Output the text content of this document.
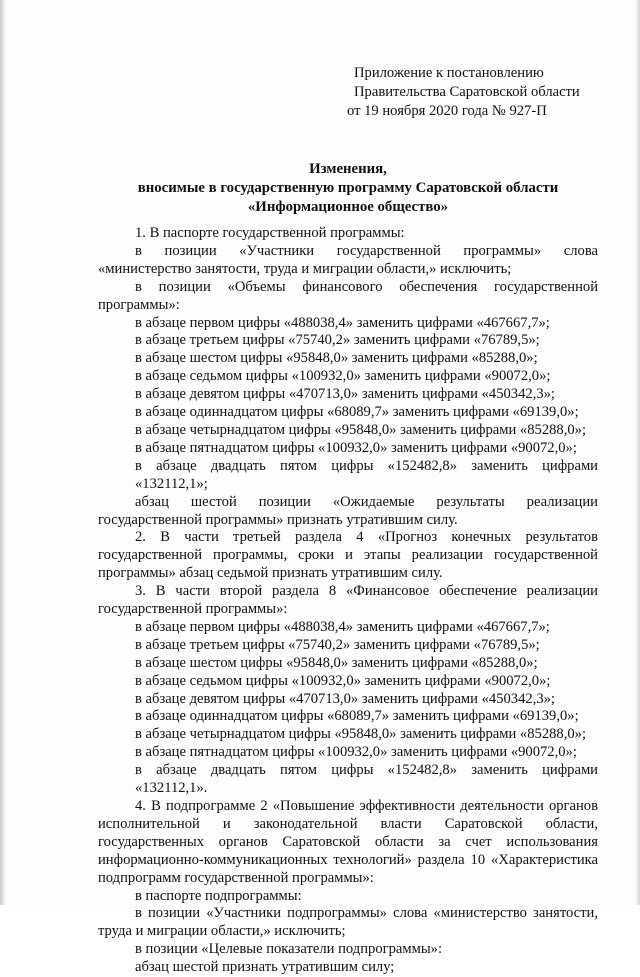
Приложение к постановлению
Правительства Саратовской области
от 19 ноября 2020 года № 927-П
Изменения,
вносимые в государственную программу Саратовской области
«Информационное общество»

1. В паспорте государственной программы:

в позиции «Участники государственной программы» слова «министерство занятости, труда и миграции области,» исключить;

в позиции «Объемы финансового обеспечения государственной программы»:

в абзаце первом цифры «488038,4» заменить цифрами «467667,7»;

в абзаце третьем цифры «75740,2» заменить цифрами «76789,5»;

в абзаце шестом цифры «95848,0» заменить цифрами «85288,0»;

в абзаце седьмом цифры «100932,0» заменить цифрами «90072,0»;

в абзаце девятом цифры «470713,0» заменить цифрами «450342,3»;

в абзаце одиннадцатом цифры «68089,7» заменить цифрами «69139,0»;

в абзаце четырнадцатом цифры «95848,0» заменить цифрами «85288,0»;

в абзаце пятнадцатом цифры «100932,0» заменить цифрами «90072,0»;

в абзаце двадцать пятом цифры «152482,8» заменить цифрами «132112,1»;

абзац шестой позиции «Ожидаемые результаты реализации государственной программы» признать утратившим силу.

2. В части третьей раздела 4 «Прогноз конечных результатов государственной программы, сроки и этапы реализации государственной программы» абзац седьмой признать утратившим силу.

3. В части второй раздела 8 «Финансовое обеспечение реализации государственной программы»:

в абзаце первом цифры «488038,4» заменить цифрами «467667,7»;

в абзаце третьем цифры «75740,2» заменить цифрами «76789,5»;

в абзаце шестом цифры «95848,0» заменить цифрами «85288,0»;

в абзаце седьмом цифры «100932,0» заменить цифрами «90072,0»;

в абзаце девятом цифры «470713,0» заменить цифрами «450342,3»;

в абзаце одиннадцатом цифры «68089,7» заменить цифрами «69139,0»;

в абзаце четырнадцатом цифры «95848,0» заменить цифрами «85288,0»;

в абзаце пятнадцатом цифры «100932,0» заменить цифрами «90072,0»;

в абзаце двадцать пятом цифры «152482,8» заменить цифрами «132112,1».

4. В подпрограмме 2 «Повышение эффективности деятельности органов исполнительной и законодательной власти Саратовской области, государственных органов Саратовской области за счет использования информационно-коммуникационных технологий» раздела 10 «Характеристика подпрограмм государственной программы»:

в паспорте подпрограммы:

в позиции «Участники подпрограммы» слова «министерство занятости, труда и миграции области,» исключить;

в позиции «Целевые показатели подпрограммы»:

абзац шестой признать утратившим силу;
